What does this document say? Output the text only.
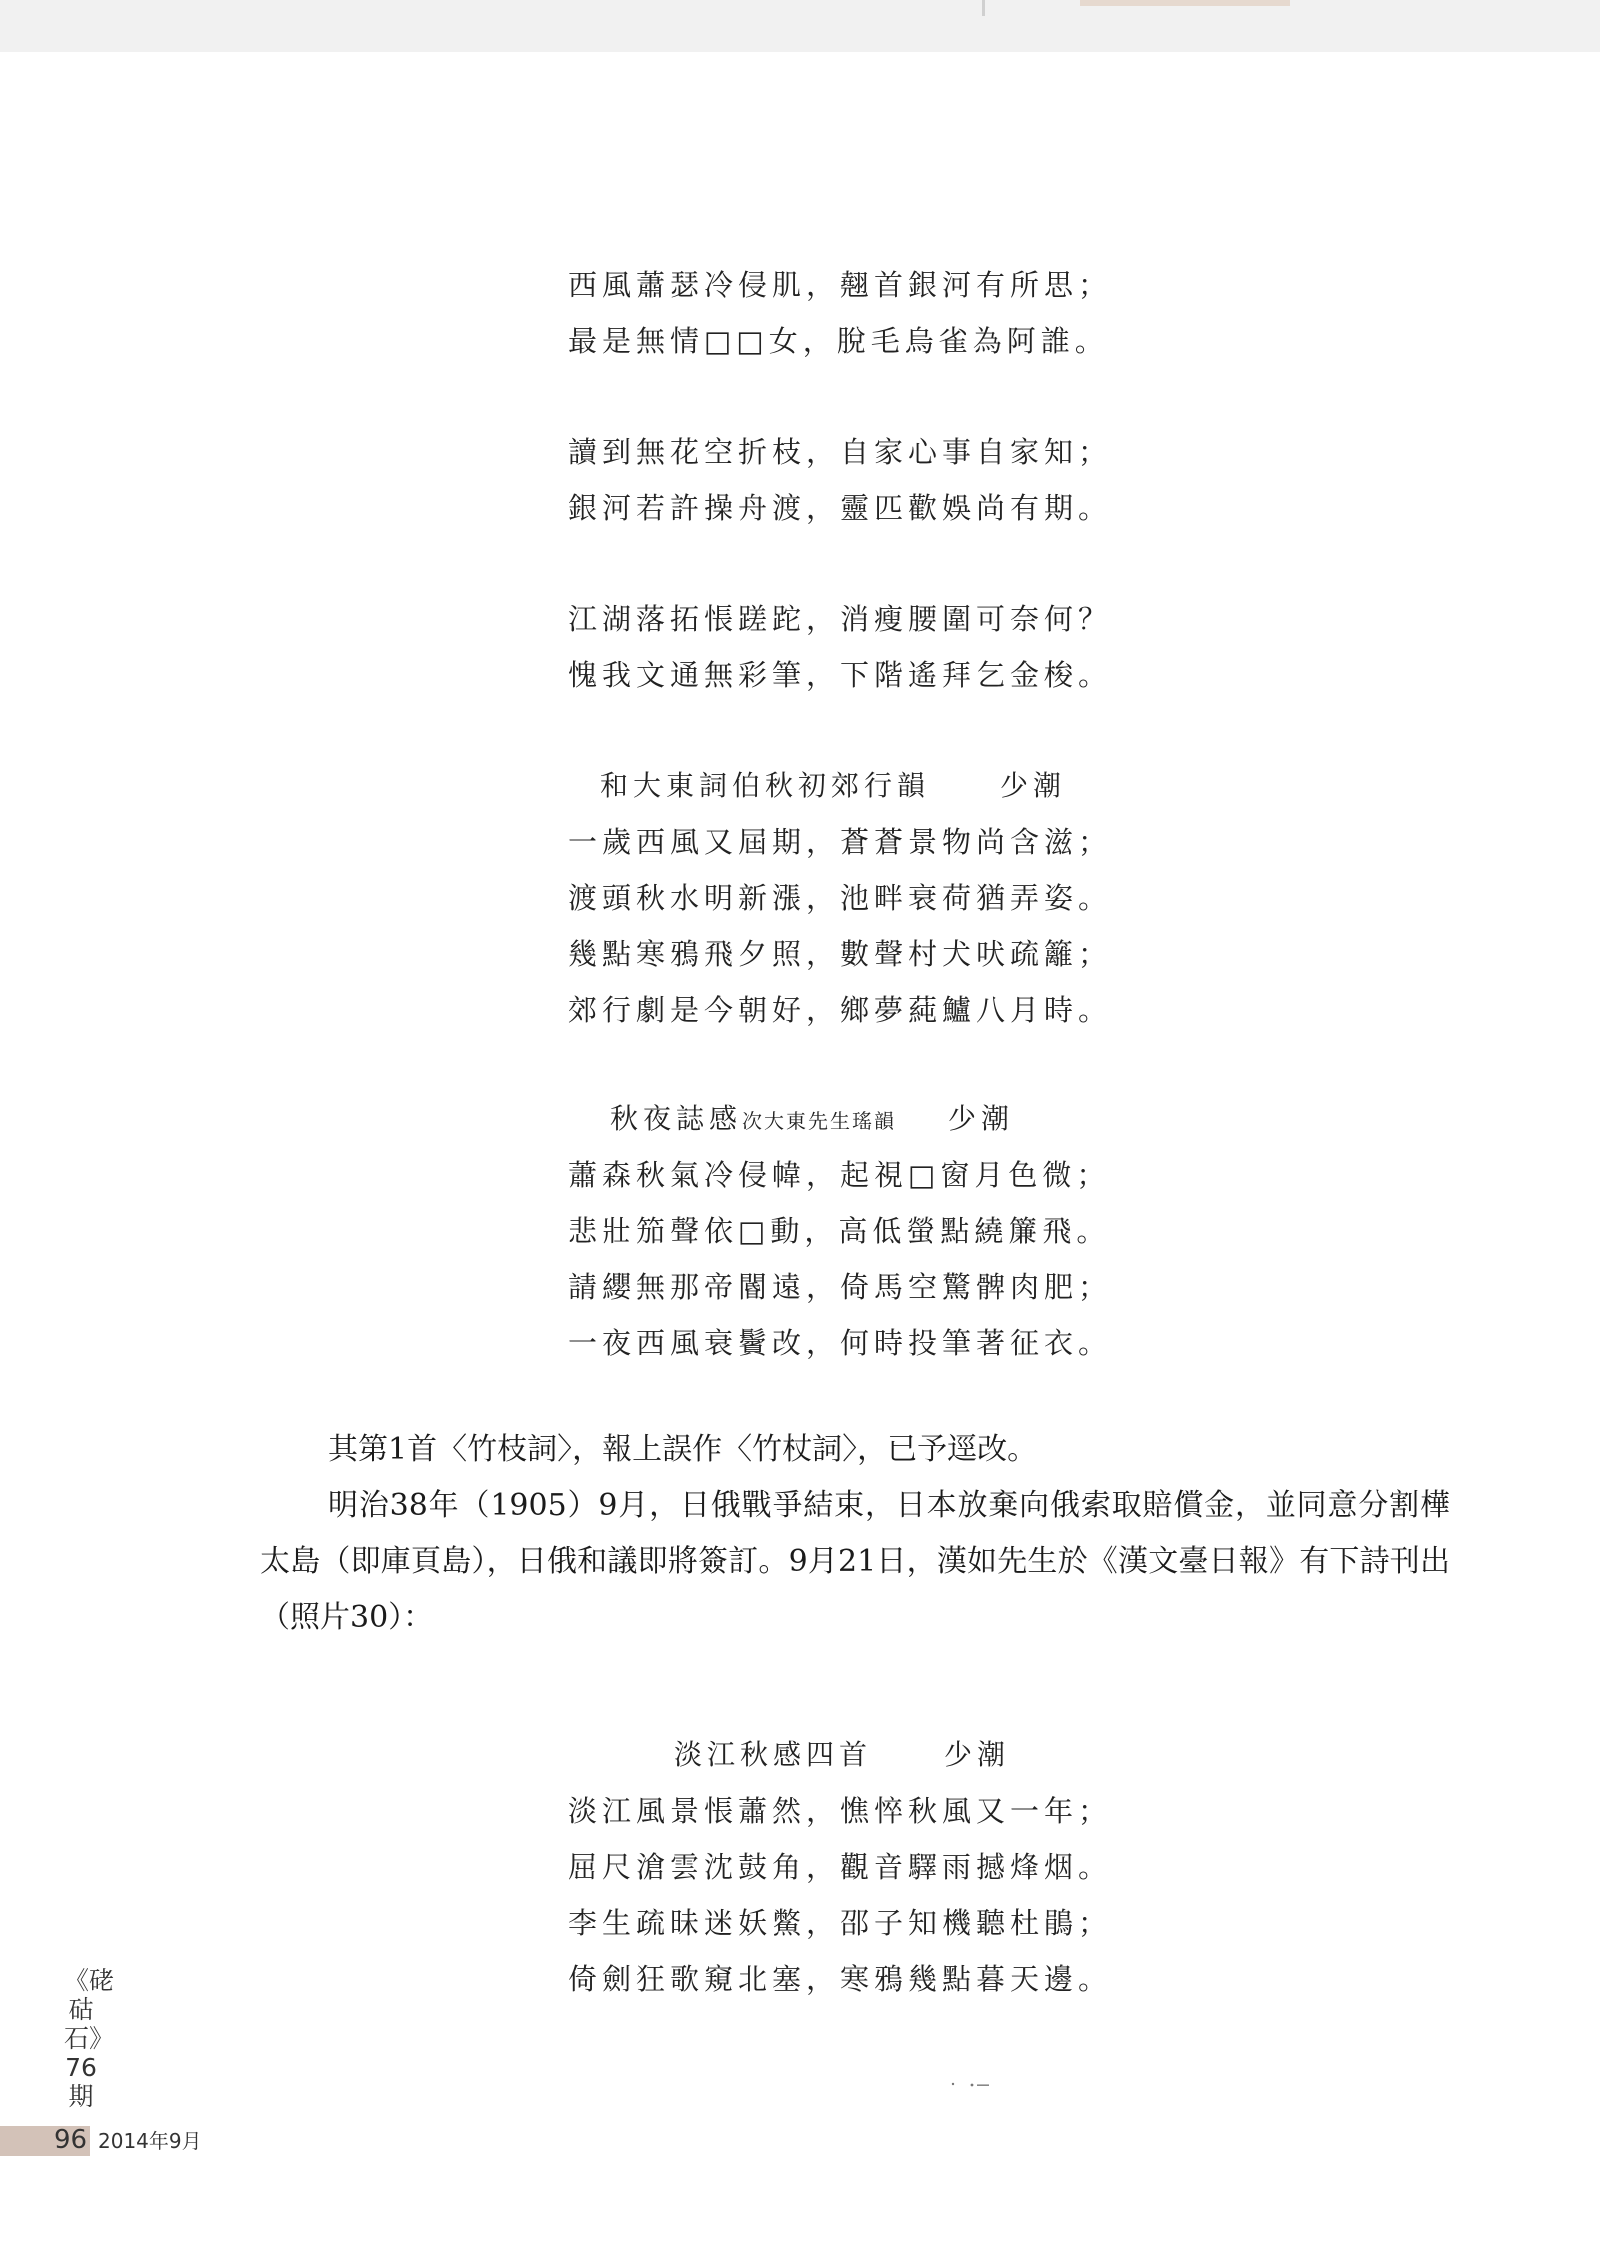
西風蕭瑟冷侵肌，翹首銀河有所思；
最是無情□□女，脫毛烏雀為阿誰。
讀到無花空折枝，自家心事自家知；
銀河若許操舟渡，靈匹歡娛尚有期。
江湖落拓悵蹉跎，消瘦腰圍可奈何？
愧我文通無彩筆，下階遙拜乞金梭。
和大東詞伯秋初郊行韻	少潮
一歲西風又屆期，蒼蒼景物尚含滋；
渡頭秋水明新漲，池畔衰荷猶弄姿。
幾點寒鴉飛夕照，數聲村犬吠疏籬；
郊行劇是今朝好，鄉夢蒓鱸八月時。
秋夜誌感次大東先生瑤韻 少潮
蕭森秋氣冷侵幃，起視□窗月色微；
悲壯笳聲依□動，高低螢點繞簾飛。
請纓無那帝閽遠，倚馬空驚髀肉肥；
一夜西風衰鬢改，何時投筆著征衣。

其第1首〈竹枝詞〉，報上誤作〈竹杖詞〉，已予逕改。

明治38年（1905）9月，日俄戰爭結束，日本放棄向俄索取賠償金，並同意分割樺太島（即庫頁島），日俄和議即將簽訂。9月21日，漢如先生於《漢文臺日報》有下詩刊出（照片30）：

淡江秋感四首	少潮
淡江風景悵蕭然，憔悴秋風又一年；
屈尺滄雲沈鼓角，觀音驛雨撼烽烟。
李生疏昧迷妖鱉，邵子知機聽杜鵑；
倚劍狂歌窺北塞，寒鴉幾點暮天邊。
《硓𥑮石》76期
96 2014年9月
